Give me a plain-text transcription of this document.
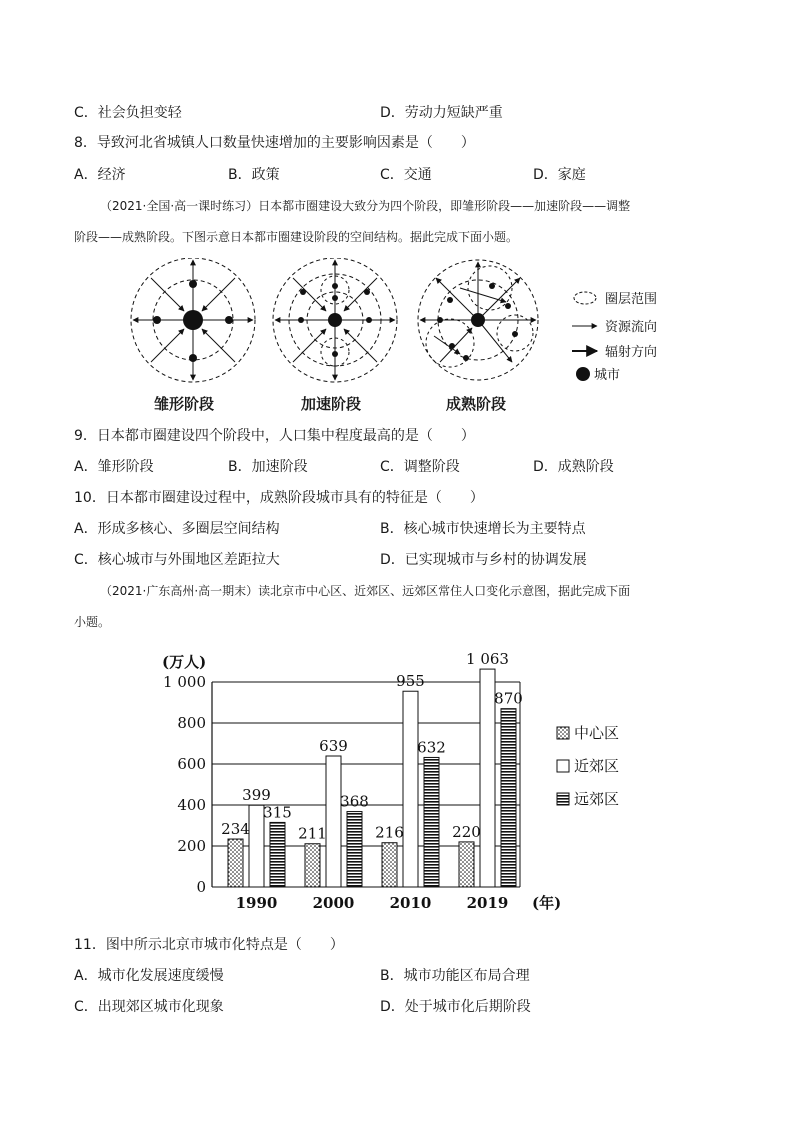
C．社会负担变轻	D．劳动力短缺严重
8．导致河北省城镇人口数量快速增加的主要影响因素是（　　）
A．经济	B．政策	C．交通	D．家庭
（2021·全国·高一课时练习）日本都市圈建设大致分为四个阶段，即雏形阶段——加速阶段——调整
阶段——成熟阶段。下图示意日本都市圈建设阶段的空间结构。据此完成下面小题。
圈层范围
资源流向
辐射方向
城市
雏形阶段	加速阶段	成熟阶段
9．日本都市圈建设四个阶段中，人口集中程度最高的是（　　）
A．雏形阶段	B．加速阶段	C．调整阶段	D．成熟阶段
10．日本都市圈建设过程中，成熟阶段城市具有的特征是（　　）
A．形成多核心、多圈层空间结构	B．核心城市快速增长为主要特点
C．核心城市与外围地区差距拉大	D．已实现城市与乡村的协调发展
（2021·广东高州·高一期末）读北京市中心区、近郊区、远郊区常住人口变化示意图，据此完成下面
小题。
0
200
400
600
800
1 000
(万人)
234
399
315
1990
211
639
368
2000
216
955
632
2010
220
1 063
870
2019 (年)
中心区
近郊区
远郊区
11．图中所示北京市城市化特点是（　　）
A．城市化发展速度缓慢	B．城市功能区布局合理
C．出现郊区城市化现象	D．处于城市化后期阶段
